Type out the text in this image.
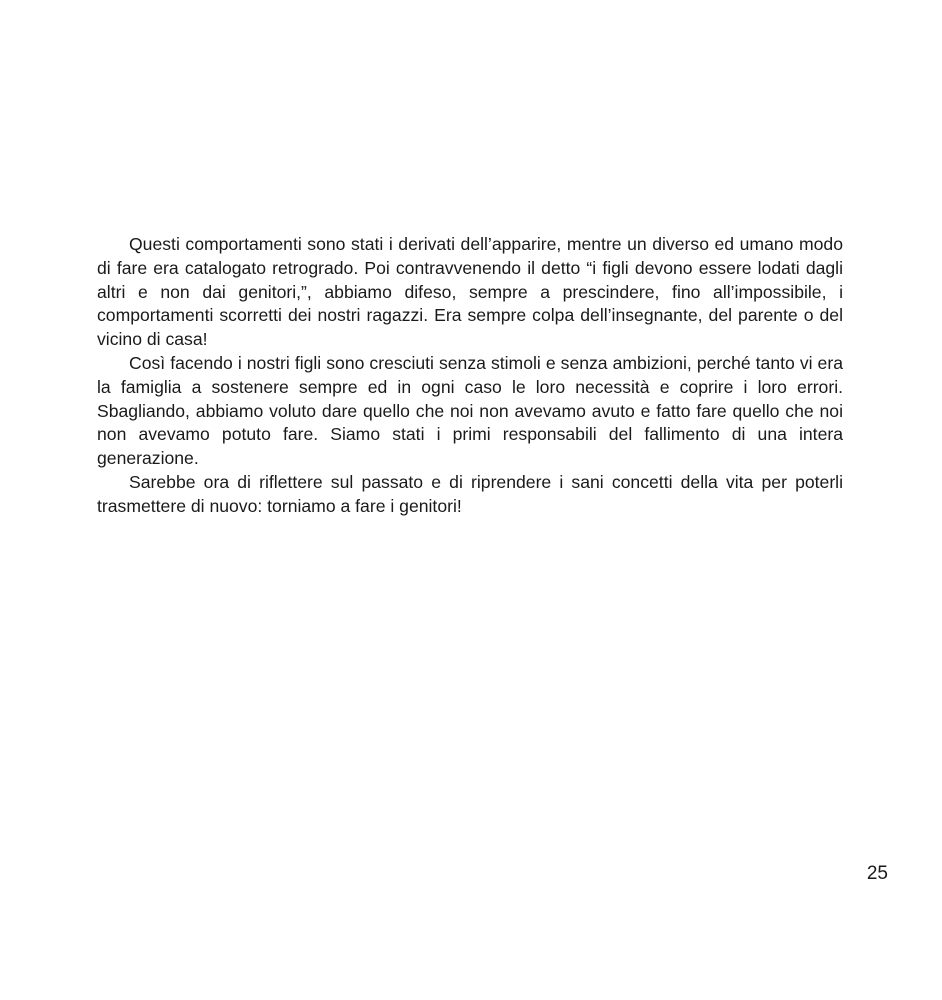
Questi comportamenti sono stati i derivati dell’apparire, mentre un diverso ed umano modo di fare era catalogato retrogrado. Poi contravvenendo il detto “i figli devono essere lodati dagli altri e non dai genitori,”, abbiamo difeso, sempre a prescindere, fino all’impossibile, i comportamenti scorretti dei nostri ragazzi. Era sempre colpa dell’insegnante, del parente o del vicino di casa!

Così facendo i nostri figli sono cresciuti senza stimoli e senza ambizioni, perché tanto vi era la famiglia a sostenere sempre ed in ogni caso le loro necessità e coprire i loro errori. Sbagliando, abbiamo voluto dare quello che noi non avevamo avuto e fatto fare quello che noi non avevamo potuto fare. Siamo stati i primi responsabili del fallimento di una intera generazione.

Sarebbe ora di riflettere sul passato e di riprendere i sani concetti della vita per poterli trasmettere di nuovo: torniamo a fare i genitori!

25
